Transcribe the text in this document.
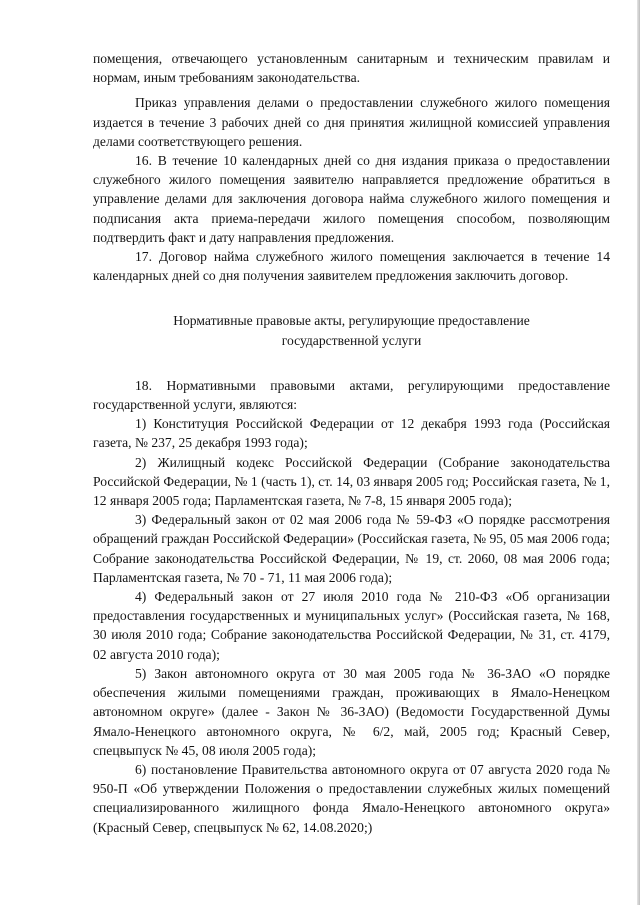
помещения, отвечающего установленным санитарным и техническим правилам и нормам, иным требованиям законодательства.

Приказ управления делами о предоставлении служебного жилого помещения издается в течение 3 рабочих дней со дня принятия жилищной комиссией управления делами соответствующего решения.

16. В течение 10 календарных дней со дня издания приказа о предоставлении служебного жилого помещения заявителю направляется предложение обратиться в управление делами для заключения договора найма служебного жилого помещения и подписания акта приема-передачи жилого помещения способом, позволяющим подтвердить факт и дату направления предложения.

17. Договор найма служебного жилого помещения заключается в течение 14 календарных дней со дня получения заявителем предложения заключить договор.

Нормативные правовые акты, регулирующие предоставление государственной услуги

18. Нормативными правовыми актами, регулирующими предоставление государственной услуги, являются:

1) Конституция Российской Федерации от 12 декабря 1993 года (Российская газета, № 237, 25 декабря 1993 года);

2) Жилищный кодекс Российской Федерации (Собрание законодательства Российской Федерации, № 1 (часть 1), ст. 14, 03 января 2005 год; Российская газета, № 1, 12 января 2005 года; Парламентская газета, № 7-8, 15 января 2005 года);

3) Федеральный закон от 02 мая 2006 года № 59-ФЗ «О порядке рассмотрения обращений граждан Российской Федерации» (Российская газета, № 95, 05 мая 2006 года; Собрание законодательства Российской Федерации, № 19, ст. 2060, 08 мая 2006 года; Парламентская газета, № 70 - 71, 11 мая 2006 года);

4) Федеральный закон от 27 июля 2010 года № 210-ФЗ «Об организации предоставления государственных и муниципальных услуг» (Российская газета, № 168, 30 июля 2010 года; Собрание законодательства Российской Федерации, № 31, ст. 4179, 02 августа 2010 года);

5) Закон автономного округа от 30 мая 2005 года № 36-ЗАО «О порядке обеспечения жилыми помещениями граждан, проживающих в Ямало-Ненецком автономном округе» (далее - Закон № 36-ЗАО) (Ведомости Государственной Думы Ямало-Ненецкого автономного округа, № 6/2, май, 2005 год; Красный Север, спецвыпуск № 45, 08 июля 2005 года);

6) постановление Правительства автономного округа от 07 августа 2020 года № 950-П «Об утверждении Положения о предоставлении служебных жилых помещений специализированного жилищного фонда Ямало-Ненецкого автономного округа» (Красный Север, спецвыпуск № 62, 14.08.2020;)
